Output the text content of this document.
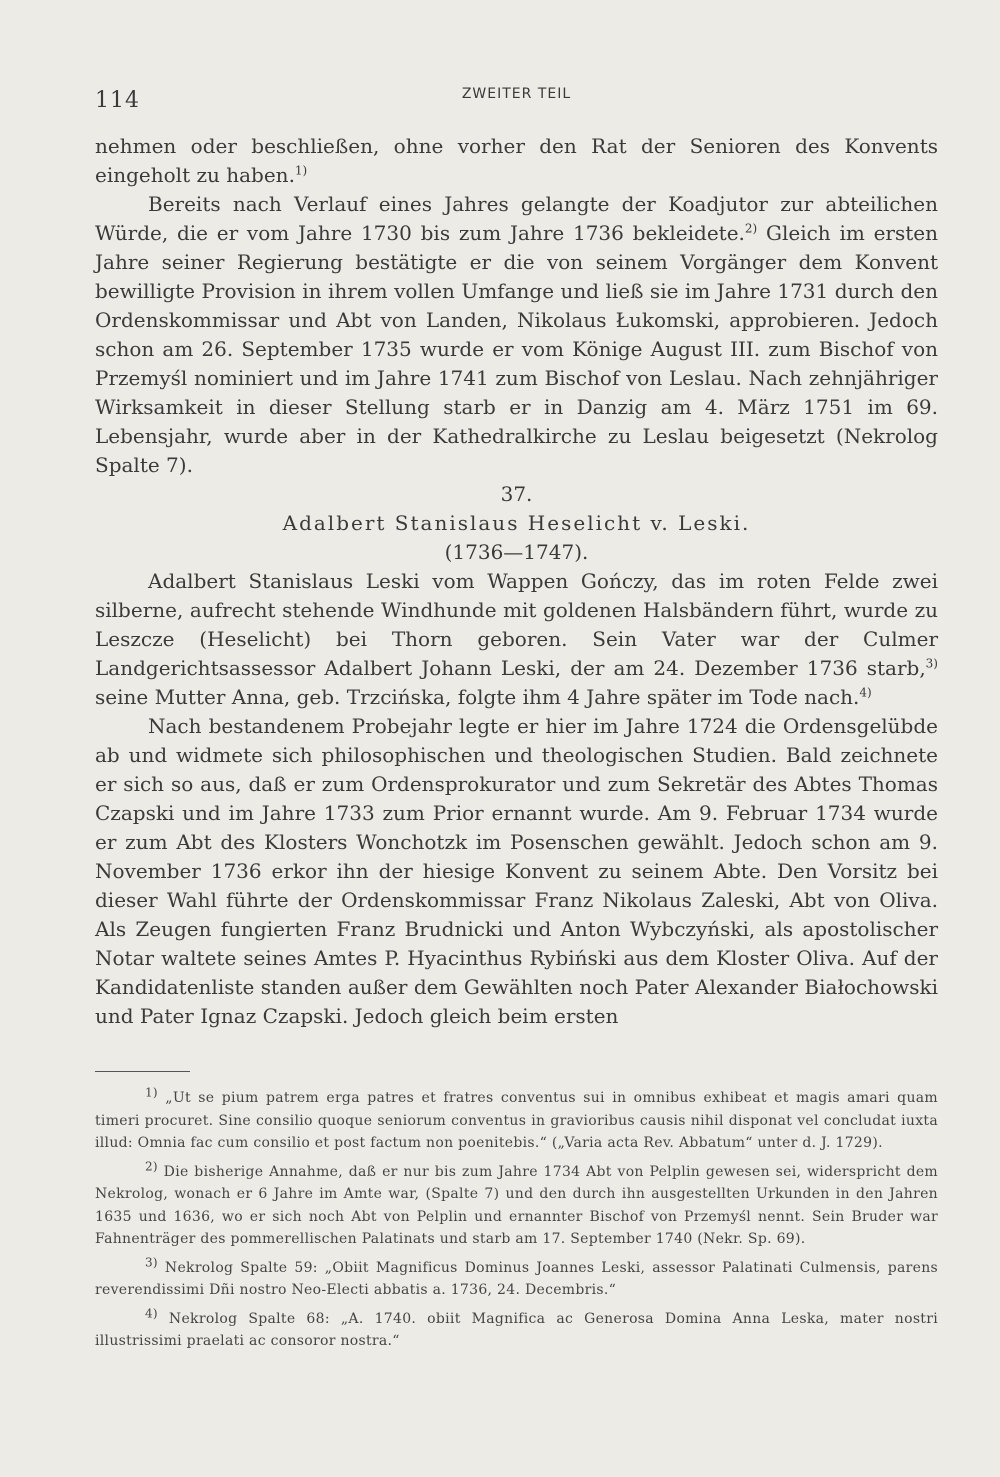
114	ZWEITER TEIL

nehmen oder beschließen, ohne vorher den Rat der Senioren des Konvents eingeholt zu haben.$^{1)}$

Bereits nach Verlauf eines Jahres gelangte der Koadjutor zur abteilichen Würde, die er vom Jahre 1730 bis zum Jahre 1736 bekleidete.$^{2)}$ Gleich im ersten Jahre seiner Regierung bestätigte er die von seinem Vorgänger dem Konvent bewilligte Provision in ihrem vollen Umfange und ließ sie im Jahre 1731 durch den Ordenskommissar und Abt von Landen, Nikolaus Łukomski, approbieren. Jedoch schon am 26. September 1735 wurde er vom Könige August III. zum Bischof von Przemyśl nominiert und im Jahre 1741 zum Bischof von Leslau. Nach zehnjähriger Wirksamkeit in dieser Stellung starb er in Danzig am 4. März 1751 im 69. Lebensjahr, wurde aber in der Kathedralkirche zu Leslau beigesetzt (Nekrolog Spalte 7).

37.

Adalbert Stanislaus Heselicht v. Leski.

(1736—1747).

Adalbert Stanislaus Leski vom Wappen Gończy, das im roten Felde zwei silberne, aufrecht stehende Windhunde mit goldenen Halsbändern führt, wurde zu Leszcze (Heselicht) bei Thorn geboren. Sein Vater war der Culmer Landgerichtsassessor Adalbert Johann Leski, der am 24. Dezember 1736 starb,$^{3)}$ seine Mutter Anna, geb. Trzcińska, folgte ihm 4 Jahre später im Tode nach.$^{4)}$

Nach bestandenem Probejahr legte er hier im Jahre 1724 die Ordensgelübde ab und widmete sich philosophischen und theologischen Studien. Bald zeichnete er sich so aus, daß er zum Ordensprokurator und zum Sekretär des Abtes Thomas Czapski und im Jahre 1733 zum Prior ernannt wurde. Am 9. Februar 1734 wurde er zum Abt des Klosters Wonchotzk im Posenschen gewählt. Jedoch schon am 9. November 1736 erkor ihn der hiesige Konvent zu seinem Abte. Den Vorsitz bei dieser Wahl führte der Ordenskommissar Franz Nikolaus Zaleski, Abt von Oliva. Als Zeugen fungierten Franz Brudnicki und Anton Wybczyński, als apostolischer Notar waltete seines Amtes P. Hyacinthus Rybiński aus dem Kloster Oliva. Auf der Kandidatenliste standen außer dem Gewählten noch Pater Alexander Białochowski und Pater Ignaz Czapski. Jedoch gleich beim ersten

$^{1)}$ „Ut se pium patrem erga patres et fratres conventus sui in omnibus exhibeat et magis amari quam timeri procuret. Sine consilio quoque seniorum conventus in gravioribus causis nihil disponat vel concludat iuxta illud: Omnia fac cum consilio et post factum non poenitebis.“ („Varia acta Rev. Abbatum“ unter d. J. 1729).

$^{2)}$ Die bisherige Annahme, daß er nur bis zum Jahre 1734 Abt von Pelplin gewesen sei, widerspricht dem Nekrolog, wonach er 6 Jahre im Amte war, (Spalte 7) und den durch ihn ausgestellten Urkunden in den Jahren 1635 und 1636, wo er sich noch Abt von Pelplin und ernannter Bischof von Przemyśl nennt. Sein Bruder war Fahnenträger des pommerellischen Palatinats und starb am 17. September 1740 (Nekr. Sp. 69).

$^{3)}$ Nekrolog Spalte 59: „Obiit Magnificus Dominus Joannes Leski, assessor Palatinati Culmensis, parens reverendissimi Dñi nostro Neo-Electi abbatis a. 1736, 24. Decembris.“

$^{4)}$ Nekrolog Spalte 68: „A. 1740. obiit Magnifica ac Generosa Domina Anna Leska, mater nostri illustrissimi praelati ac consoror nostra.“
